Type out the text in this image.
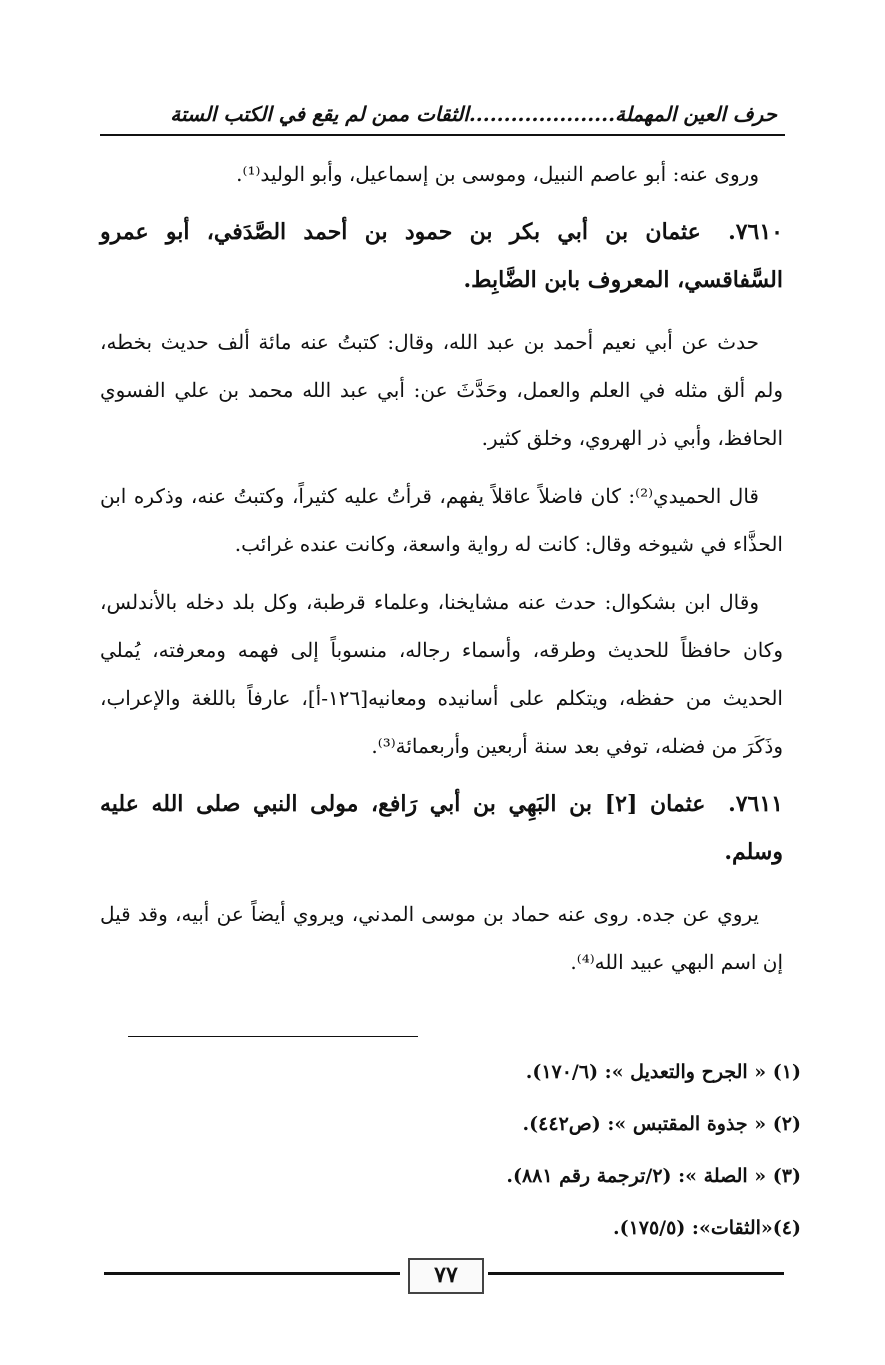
حرف العين المهملة.....................الثقات ممن لم يقع في الكتب الستة

وروى عنه: أبو عاصم النبيل، وموسى بن إسماعيل، وأبو الوليد⁽¹⁾.

٧٦١٠. عثمان بن أبي بكر بن حمود بن أحمد الصَّدَفي، أبو عمرو السَّفاقسي، المعروف بابن الضَّابِط.

حدث عن أبي نعيم أحمد بن عبد الله، وقال: كتبتُ عنه مائة ألف حديث بخطه، ولم ألق مثله في العلم والعمل، وحَدَّثَ عن: أبي عبد الله محمد بن علي الفسوي الحافظ، وأبي ذر الهروي، وخلق كثير.

قال الحميدي⁽²⁾: كان فاضلاً عاقلاً يفهم، قرأتُ عليه كثيراً، وكتبتُ عنه، وذكره ابن الحذَّاء في شيوخه وقال: كانت له رواية واسعة، وكانت عنده غرائب.

وقال ابن بشكوال: حدث عنه مشايخنا، وعلماء قرطبة، وكل بلد دخله بالأندلس، وكان حافظاً للحديث وطرقه، وأسماء رجاله، منسوباً إلى فهمه ومعرفته، يُملي الحديث من حفظه، ويتكلم على أسانيده ومعانيه[١٢٦-أ]، عارفاً باللغة والإعراب، وذَكَرَ من فضله، توفي بعد سنة أربعين وأربعمائة⁽³⁾.

٧٦١١. عثمان [٢] بن البَهِي بن أبي رَافع، مولى النبي صلى الله عليه وسلم.

يروي عن جده. روى عنه حماد بن موسى المدني، ويروي أيضاً عن أبيه، وقد قيل إن اسم البهي عبيد الله⁽⁴⁾.

(١) « الجرح والتعديل »: (١٧٠/٦).

(٢) « جذوة المقتبس »: (ص٤٤٢).

(٣) « الصلة »: (٢/ترجمة رقم ٨٨١).

(٤)«الثقات»: (١٧٥/٥).

٧٧
